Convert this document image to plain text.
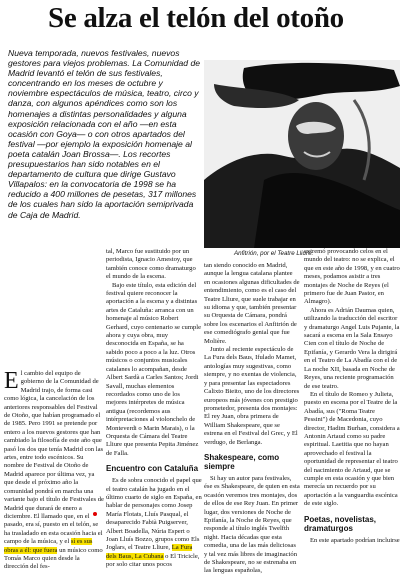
Se alza el telón del otoño

Nueva temporada, nuevos festivales, nuevos gestores para viejos problemas. La Comunidad de Madrid levantó el telón de sus festivales, concentrando en los meses de octubre y noviembre espectáculos de música, teatro, circo y danza, con algunos apéndices como son los homenajes a distintas personalidades y alguna exposición relacionada con el año —en esta ocasión con Goya— o con otros apartados del festival —por ejemplo la exposición homenaje al poeta catalán Joan Brossa—. Los recortes presupuestarios han sido notables en el departamento de cultura que dirige Gustavo Villapalos: en la convocatoria de 1998 se ha reducido a 400 millones de pesetas, 317 millones de los cuales han sido la aportación semiprivada de Caja de Madrid.

Anfitrión, por el Teatre Lliure.

El cambio del equipo de gobierno de la Comunidad de Madrid trajo, de forma casi como lógica, la cancelación de los anteriores responsables del Festival de Otoño, que habían programado el de 1985. Pero 1991 se pretende por entero a los nuevos gestores que han cambiado la filosofía de este año que pasó los dos que tenía Madrid con las artes, entre todo escénicos. Su nombre de Festival de Otoño de Madrid aparece por última vez, ya que desde el próximo año la comunidad pondrá en marcha una variante bajo el título de Festivales de Madrid que durará de enero a diciembre. El llamado que, en el pasado, era sí, puesto en el telón, se ha trasladado en esta ocasión hacia el campo de la música, y el sí es sus obras a él: que fuera un músico como Tomás Marco quien desde la dirección del fes-

tal, Marco fue sustituido por un periodista, Ignacio Amestoy, que también conoce como dramaturgo el mundo de la escena.

Bajo este título, esta edición del festival quiere reconocer la aportación a la escena y a distintas artes de Cataluña: arranca con un homenaje al músico Robert Gerhard, cuyo centenario se cumple ahora y cuya obra, muy desconocida en España, se ha sabido poco a poco a la luz. Otros músicos o conjuntos musicales catalanes lo acompañan, desde Albert Sardà a Carles Santos; Jordi Savall, muchas elementos recordados como uno de los mejores intérpretes de música antigua (recordemos aus intérpretaciones al violonchelo de Monteverdi o Marin Marais), o la Orquesta de Cámara del Teatre Lliure que presenta Pepita Jiménez de Falla.

Encuentro con Cataluña

Es de sobra conocido el papel que el teatro catalán ha jugado en el último cuarto de siglo en España, en hablar de personajes como Josep María Flotats, Lluís Pasqual, el desaparecido Fabià Puigserver, Albert Boadella, Núria Espert o Joan Lluís Bozzo, grupos como Els Joglars, el Teatre Lliure, La Fura dels Baus, La Cubana o El Tricicle, por solo citar unos pocos

tan siendo conocido en Madrid, aunque la lengua catalana plantee en ocasiones algunas dificultades de entendimiento, como es el caso del Teatre Lliure, que suele trabajar en su idioma y que, también presentar su Orquesta de Cámara, pondrá sobre los escenarios el Anfitrión de ese comediógrafo genial que fue Molière.

Junto al reciente espectáculo de La Fura dels Baus, Ifulado Mamet, antologías muy sugestivas, como siempre, y no exentas de violencia, y para presentar las espectadores Calixto Bieito, uno de los directores europeos más jóvenes con prestigio prometedor, presenta dos montajes: El rey Juan, obra primera de William Shakespeare, que se estrena en el Festival del Grec, y El verdugo, de Berlanga.

Shakespeare, como siempre

Si hay un autor para festivales, ése es Shakespeare, de quien en esta ocasión veremos tres montajes, dos de ellos de ese Rey Juan. En primer lugar, dos versiones de Noche de Epifanía, la Noche de Reyes, que responde al título inglés Twelfth night. Hacia décadas que esta comedia, una de las más deliciosas y tal vez más libres de imaginación de Shakespeare, no se estrenaba en las lenguas españolas,

extremó provocando celos en el mundo del teatro: no se explica, el que en este año de 1998, y en cuatro meses, podamos asistir a tres montajes de Noche de Reyes (el primero fue de Juan Pastor, en Almagro).

Ahora es Adrián Daumas quien, utilizando la traducción del escritor y dramaturgo Angel Luis Pujante, la sacará a escena en la Sala Ensayo Cien con el título de Noche de Epifanía, y Gerardo Vera la dirigirá en el Teatro de La Abadía con el de La noche XII, basada en Noche de Reyes, una reciente programación de ese teatro.

En el título de Romeo y Julieta, puesto en escena por el Teatre de la Abadía, sus ("Roma Teatre Pessini") de Macedonia, cuyo director, Hadim Burhan, considera a Antonin Artaud como su padre espiritual. Laetitia que no hayan aprovechado el festival la oportunidad de representar el teatro del nacimiento de Artaud, que se cumple en esta ocasión y que bien merecía un recuerdo por su aportación a la vanguardia escénica de este siglo.

Poetas, novelistas, dramaturgos

En este apartado podrían incluirse
